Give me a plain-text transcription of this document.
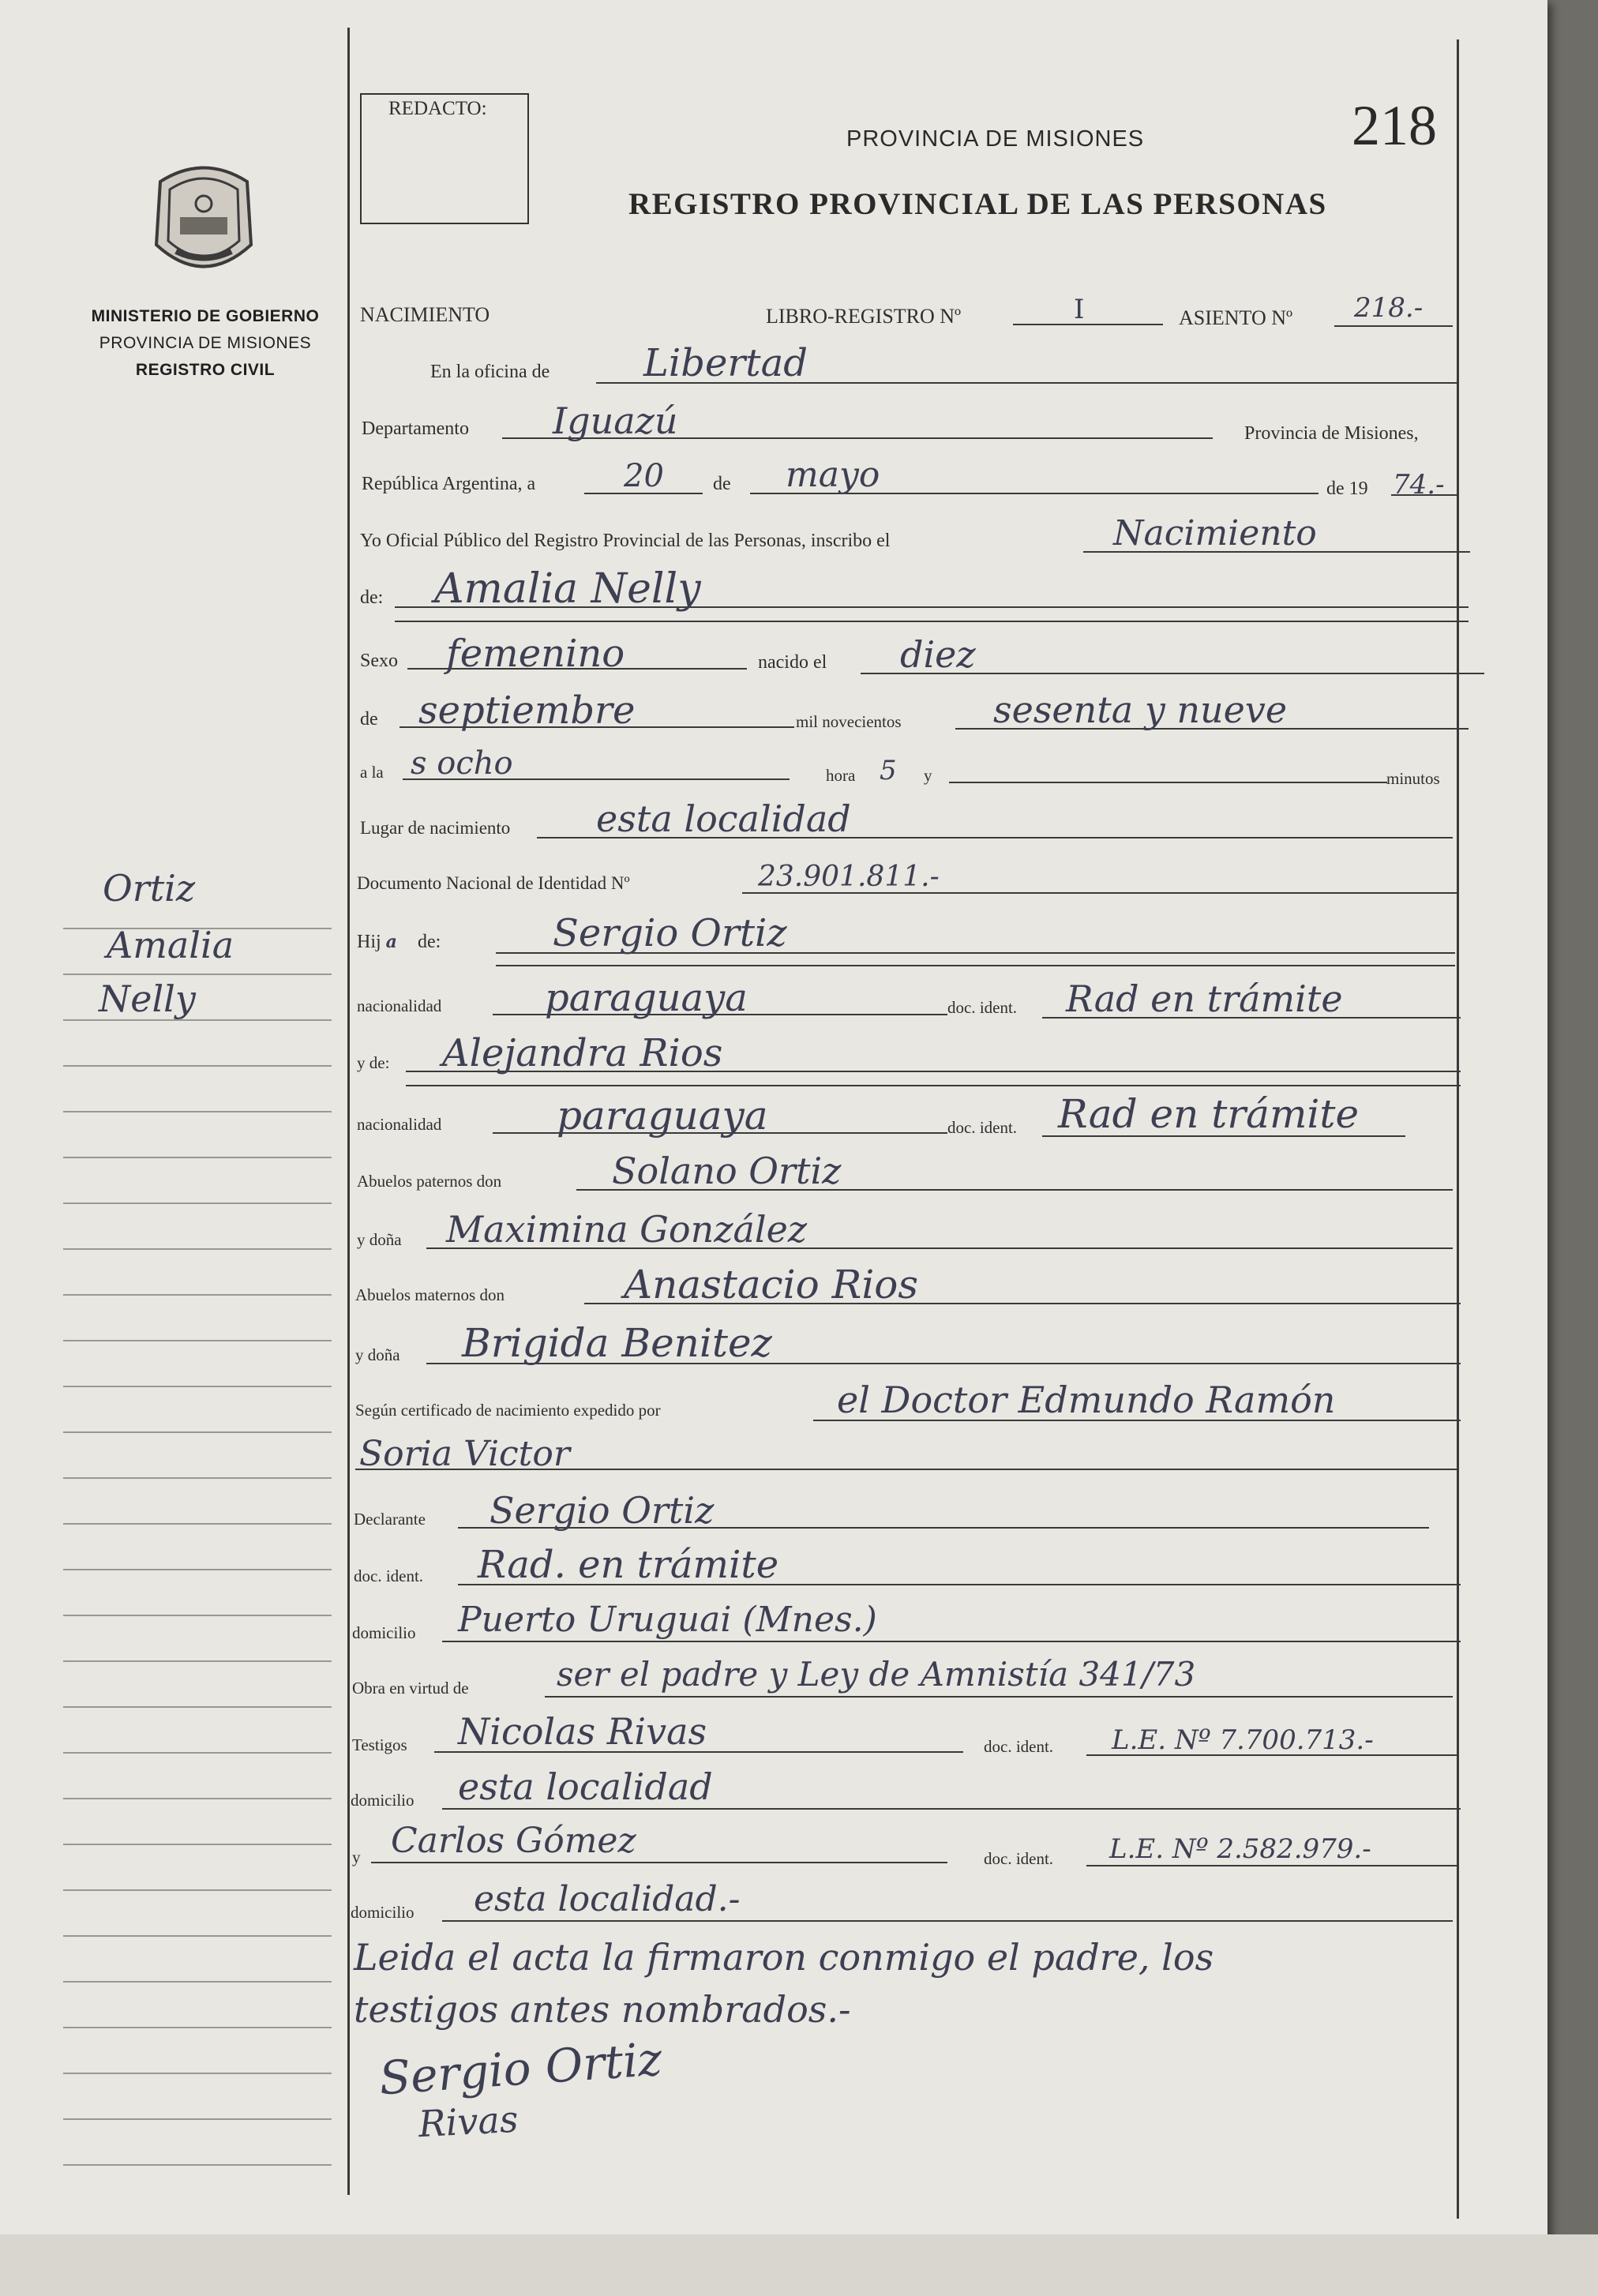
MINISTERIO DE GOBIERNO
PROVINCIA DE MISIONES
REGISTRO CIVIL
Ortiz
Amalia
Nelly
REDACTO:
PROVINCIA DE MISIONES	218
REGISTRO PROVINCIAL DE LAS PERSONAS
NACIMIENTO	LIBRO-REGISTRO Nº	I	ASIENTO Nº 218.-
En la oficina de Libertad
Departamento Iguazú	Provincia de Misiones,
República Argentina, a	20	de mayo	de 19 74.-
Yo Oficial Público del Registro Provincial de las Personas, inscribo el	Nacimiento
de: Amalia Nelly
Sexo femenino	nacido el diez
de septiembre	mil novecientos	sesenta y nueve
a la s ocho	hora 5 y	minutos
Lugar de nacimiento esta localidad
Documento Nacional de Identidad Nº	23.901.811.-
Hij a de:	Sergio Ortiz
nacionalidad	paraguaya	doc. ident. Rad en trámite
y de: Alejandra Rios
nacionalidad	paraguaya	doc. ident. Rad en trámite
Abuelos paternos don	Solano Ortiz
y doña Maximina González
Abuelos maternos don	Anastacio Rios
y doña Brigida Benitez
Según certificado de nacimiento expedido por	el Doctor Edmundo Ramón
Soria Victor
Declarante Sergio Ortiz
doc. ident. Rad. en trámite
domicilio Puerto Uruguai (Mnes.)
Obra en virtud de	ser el padre y Ley de Amnistía 341/73
Testigos Nicolas Rivas	doc. ident. L.E. Nº 7.700.713.-
domicilio esta localidad
y Carlos Gómez	doc. ident. L.E. Nº 2.582.979.-
domicilio esta localidad.-
Leida el acta la firmaron conmigo el padre, los
testigos antes nombrados.-
Sergio Ortiz
Rivas
